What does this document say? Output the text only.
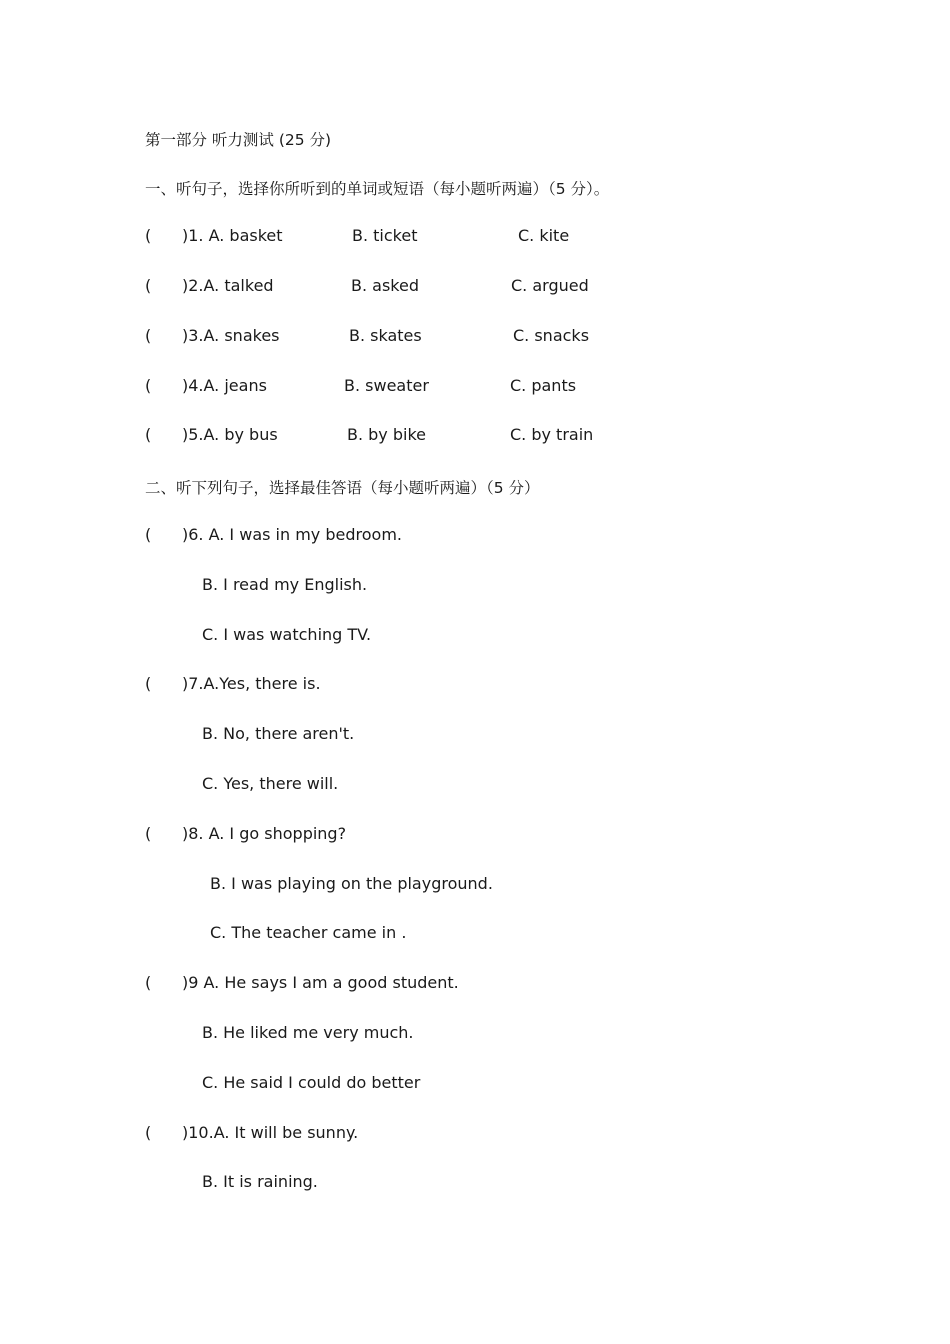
第一部分 听力测试 (25 分)
一、听句子，选择你所听到的单词或短语（每小题听两遍）（5 分）。
( )1. A. basket	B. ticket	C. kite
( )2.A. talked	B. asked	C. argued
( )3.A. snakes	B. skates	C. snacks
( )4.A. jeans	B. sweater	C. pants
( )5.A. by bus	B. by bike	C. by train
二、听下列句子，选择最佳答语（每小题听两遍）（5 分）
( )6. A. I was in my bedroom.
B. I read my English.
C. I was watching TV.
( )7.A.Yes, there is.
B. No, there aren't.
C. Yes, there will.
( )8. A. I go shopping?
B. I was playing on the playground.
C. The teacher came in .
( )9 A. He says I am a good student.
B. He liked me very much.
C. He said I could do better
( )10.A. It will be sunny.
B. It is raining.
